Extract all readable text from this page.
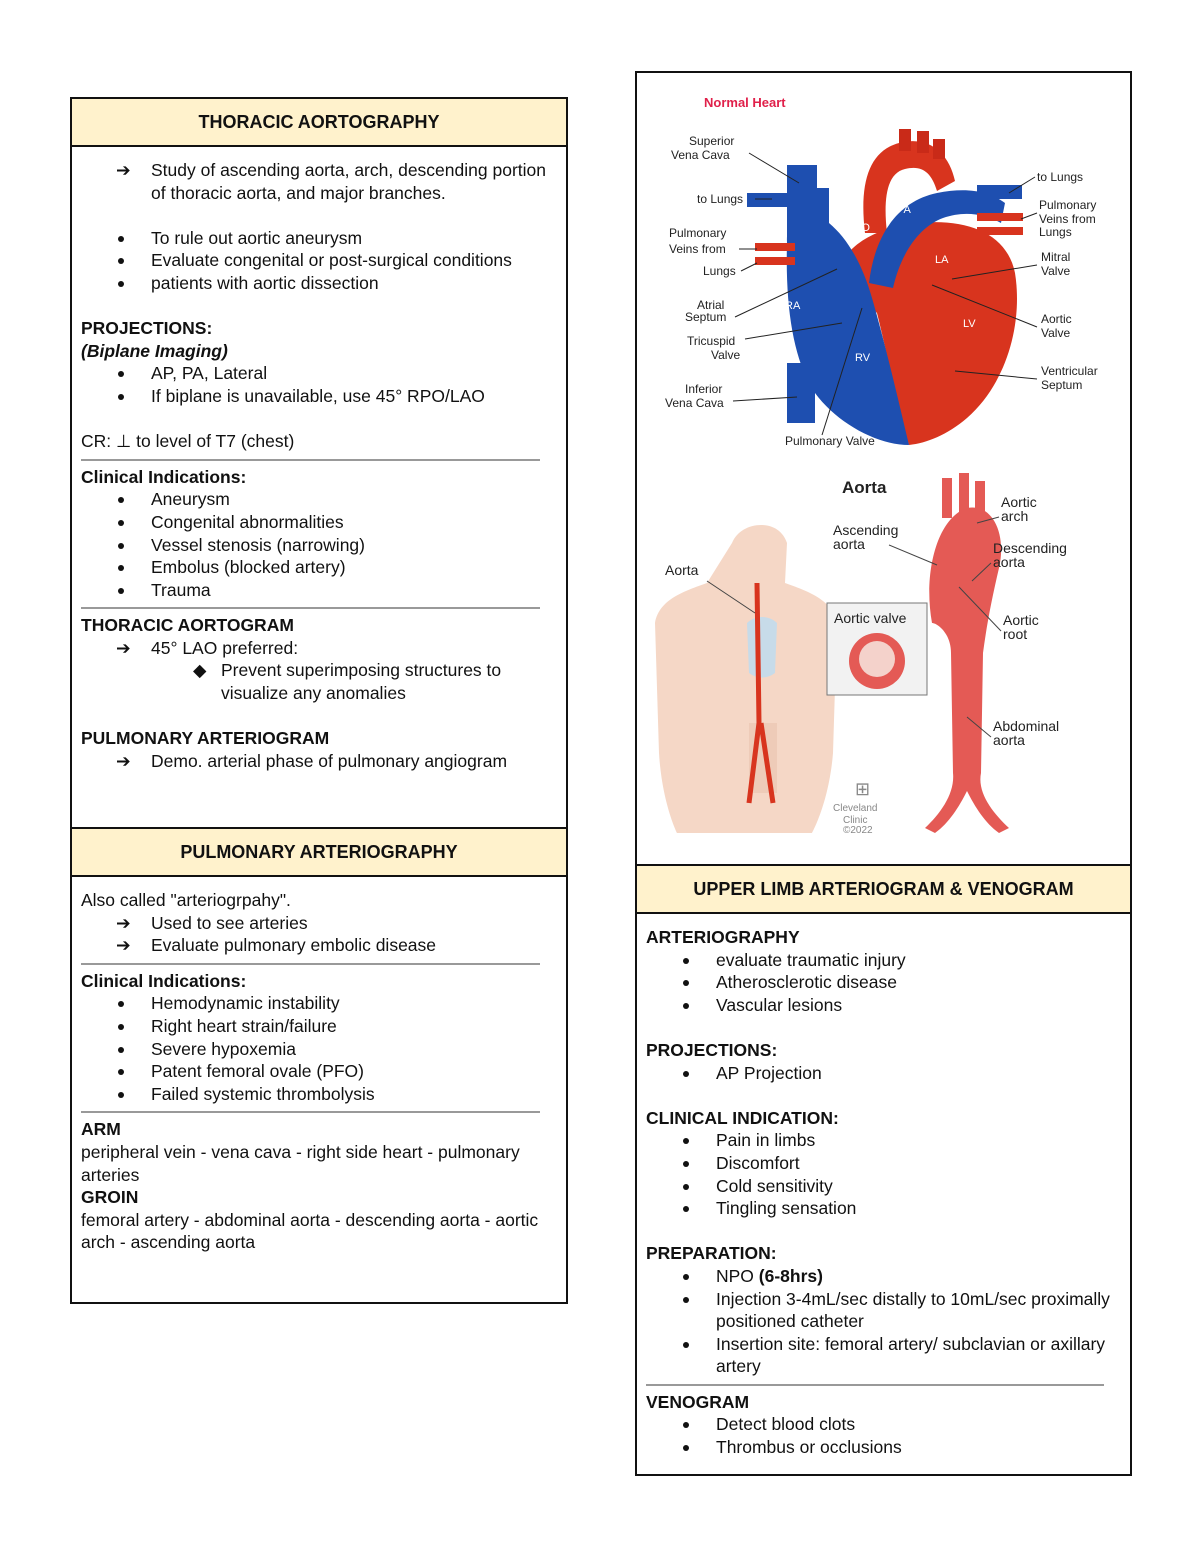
THORACIC AORTOGRAPHY
➔ Study of ascending aorta, arch, descending portion of thoracic aorta, and major branches.
To rule out aortic aneurysm
Evaluate congenital or post-surgical conditions
patients with aortic dissection

PROJECTIONS:

(Biplane Imaging)

AP, PA, Lateral
If biplane is unavailable, use 45° RPO/LAO

CR: ⊥ to level of T7 (chest)

Clinical Indications:

Aneurysm
Congenital abnormalities
Vessel stenosis (narrowing)
Embolus (blocked artery)
Trauma

THORACIC AORTOGRAM

➔ 45° LAO preferred:
◆ Prevent superimposing structures to visualize any anomalies

PULMONARY ARTERIOGRAM

➔ Demo. arterial phase of pulmonary angiogram
PULMONARY ARTERIOGRAPHY

Also called "arteriogrpahy".

➔ Used to see arteries
➔ Evaluate pulmonary embolic disease

Clinical Indications:

Hemodynamic instability
Right heart strain/failure
Severe hypoxemia
Patent femoral ovale (PFO)
Failed systemic thrombolysis

ARM

peripheral vein - vena cava - right side heart - pulmonary arteries

GROIN

femoral artery - abdominal aorta - descending aorta - aortic arch - ascending aorta

Normal Heart
AO
PA
LA
RA
LV
RV
Superior
Vena Cava
to Lungs
Pulmonary
Veins from
Lungs
Atrial
Septum
Tricuspid
Valve
Inferior
Vena Cava
Pulmonary Valve
to Lungs
Pulmonary
Veins from
Lungs
Mitral
Valve
Aortic
Valve
Ventricular
Septum
Aorta
Aortic valve
Aorta
Ascending
aorta
Aortic
arch
Descending
aorta
Aortic
root
Abdominal
aorta
⊞
Cleveland
Clinic
©2022
UPPER LIMB ARTERIOGRAM & VENOGRAM

ARTERIOGRAPHY

evaluate traumatic injury
Atherosclerotic disease
Vascular lesions

PROJECTIONS:

AP Projection

CLINICAL INDICATION:

Pain in limbs
Discomfort
Cold sensitivity
Tingling sensation

PREPARATION:

NPO (6-8hrs)
Injection 3-4mL/sec distally to 10mL/sec proximally positioned catheter
Insertion site: femoral artery/ subclavian or axillary artery

VENOGRAM

Detect blood clots
Thrombus or occlusions
